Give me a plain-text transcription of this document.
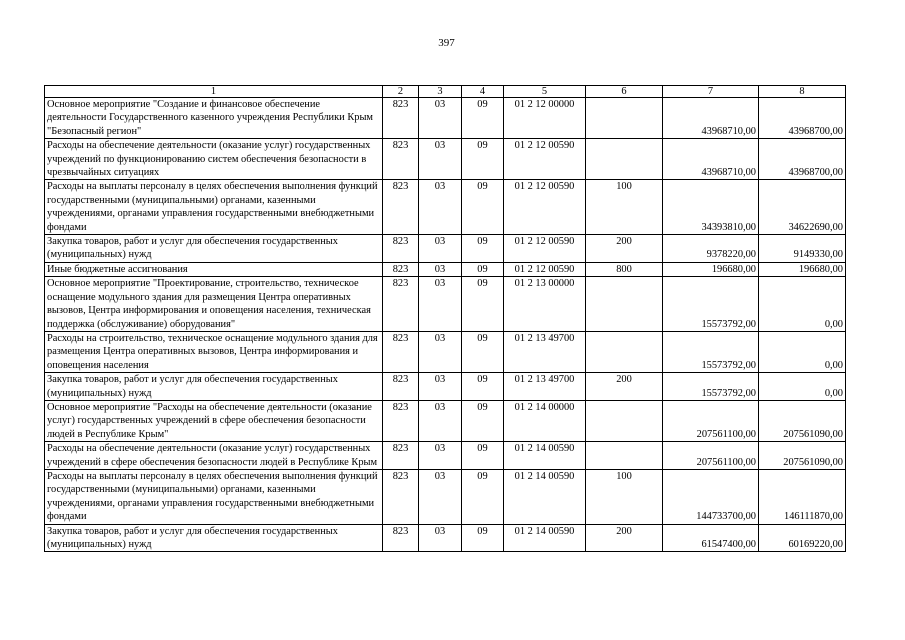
397
1	2	3	4	5	6	7	8
Основное мероприятие "Создание и финансовое обеспечение деятельности Государственного казенного учреждения Республики Крым "Безопасный регион"	823	03	09	01 2 12 00000		43968710,00	43968700,00
Расходы на обеспечение деятельности (оказание услуг) государственных учреждений по функционированию систем обеспечения безопасности в чрезвычайных ситуациях	823	03	09	01 2 12 00590		43968710,00	43968700,00
Расходы на выплаты персоналу в целях обеспечения выполнения функций государственными (муниципальными) органами, казенными учреждениями, органами управления государственными внебюджетными фондами	823	03	09	01 2 12 00590	100	34393810,00	34622690,00
Закупка товаров, работ и услуг для обеспечения государственных (муниципальных) нужд	823	03	09	01 2 12 00590	200	9378220,00	9149330,00
Иные бюджетные ассигнования	823	03	09	01 2 12 00590	800	196680,00	196680,00
Основное мероприятие "Проектирование, строительство, техническое оснащение модульного здания для размещения Центра оперативных вызовов, Центра информирования и оповещения населения, техническая поддержка (обслуживание) оборудования"	823	03	09	01 2 13 00000		15573792,00	0,00
Расходы на строительство, техническое оснащение модульного здания для размещения Центра оперативных вызовов, Центра информирования и оповещения населения	823	03	09	01 2 13 49700		15573792,00	0,00
Закупка товаров, работ и услуг для обеспечения государственных (муниципальных) нужд	823	03	09	01 2 13 49700	200	15573792,00	0,00
Основное мероприятие "Расходы на обеспечение деятельности (оказание услуг) государственных учреждений в сфере обеспечения безопасности людей в Республике Крым"	823	03	09	01 2 14 00000		207561100,00	207561090,00
Расходы на обеспечение деятельности (оказание услуг) государственных учреждений в сфере обеспечения безопасности людей в Республике Крым	823	03	09	01 2 14 00590		207561100,00	207561090,00
Расходы на выплаты персоналу в целях обеспечения выполнения функций государственными (муниципальными) органами, казенными учреждениями, органами управления государственными внебюджетными фондами	823	03	09	01 2 14 00590	100	144733700,00	146111870,00
Закупка товаров, работ и услуг для обеспечения государственных (муниципальных) нужд	823	03	09	01 2 14 00590	200	61547400,00	60169220,00
